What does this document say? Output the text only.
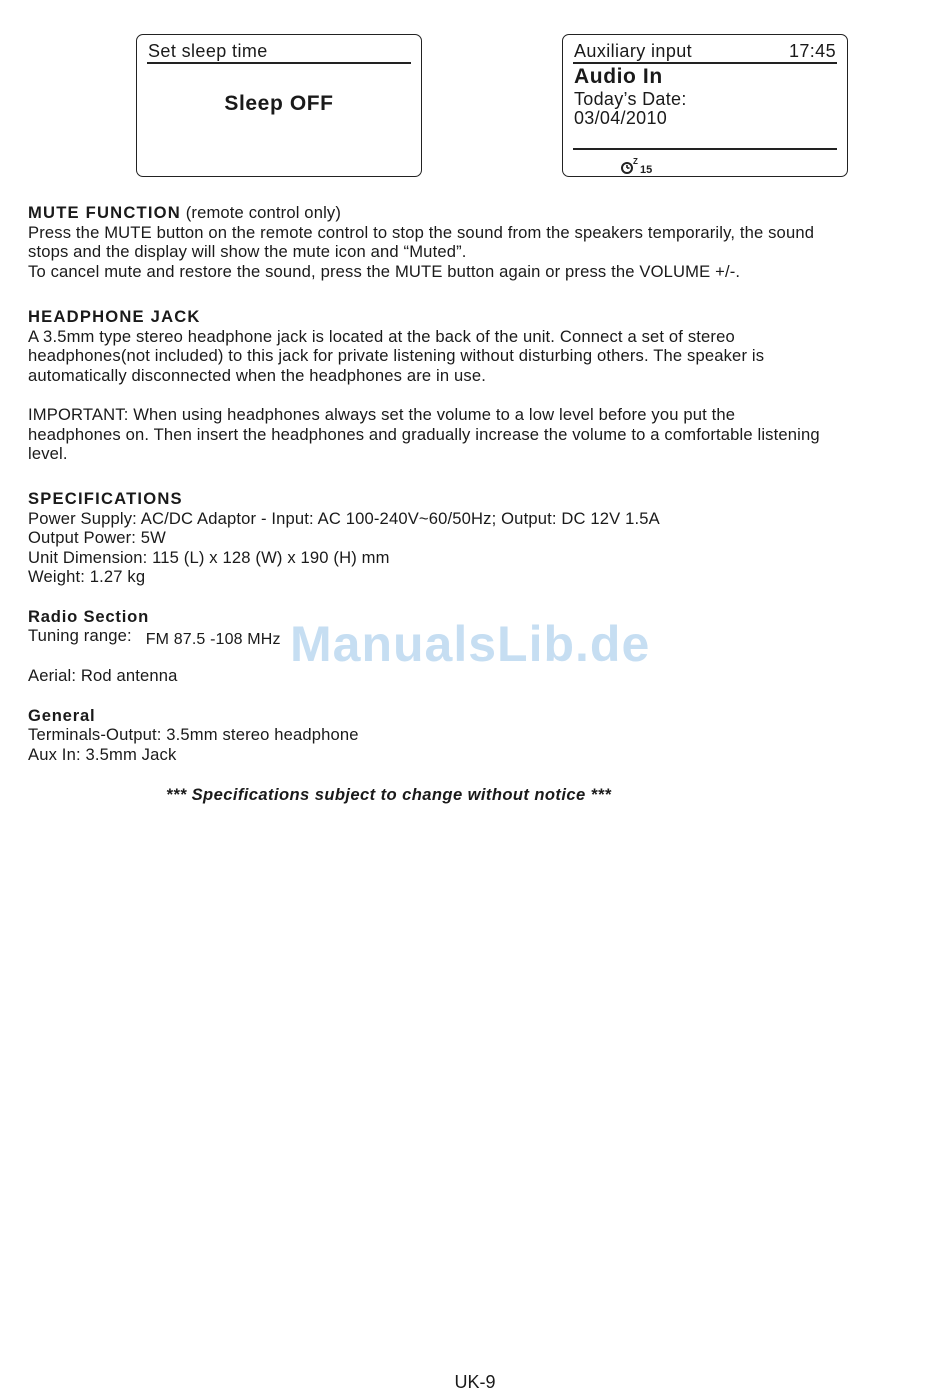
Set sleep time
Sleep OFF
Auxiliary input	17:45
Audio In
Today’s Date:
03/04/2010
Z
15

MUTE FUNCTION (remote control only)

Press the MUTE button on the remote control to stop the sound from the speakers temporarily, the sound

stops and the display will show the mute icon and “Muted”.

To cancel mute and restore the sound, press the MUTE button again or press the VOLUME +/-.

HEADPHONE JACK

A 3.5mm type stereo headphone jack is located at the back of the unit. Connect a set of stereo

headphones(not included) to this jack for private listening without disturbing others. The speaker is

automatically disconnected when the headphones are in use.

IMPORTANT: When using headphones always set the volume to a low level before you put the

headphones on. Then insert the headphones and gradually increase the volume to a comfortable listening

level.

SPECIFICATIONS

Power Supply: AC/DC Adaptor - Input: AC 100-240V~60/50Hz; Output: DC 12V 1.5A

Output Power: 5W

Unit Dimension: 115 (L) x 128 (W) x 190 (H) mm

Weight: 1.27 kg

Radio Section

Tuning range: FM 87.5 -108 MHz

Aerial: Rod antenna

General

Terminals-Output: 3.5mm stereo headphone

Aux In: 3.5mm Jack

*** Specifications subject to change without notice ***
ManualsLib.de
UK-9
